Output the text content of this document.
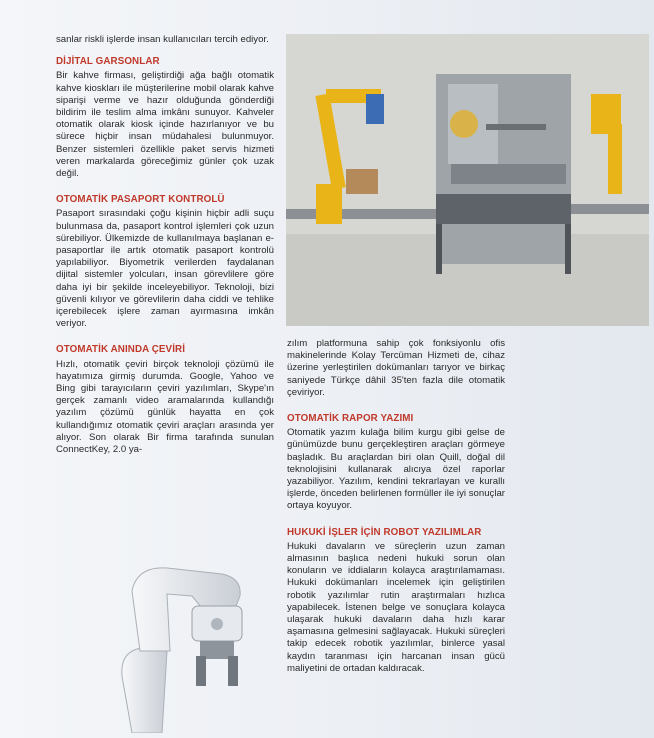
sanlar riskli işlerde insan kullanıcıları tercih ediyor.

DİJİTAL GARSONLAR

Bir kahve firması, geliştirdiği ağa bağlı otomatik kahve kioskları ile müşterilerine mobil olarak kahve siparişi verme ve hazır olduğunda gönderdiği bildirim ile teslim alma imkânı sunuyor. Kahveler otomatik olarak kiosk içinde hazırlanıyor ve bu sürece hiçbir insan müdahalesi bulunmuyor. Benzer sistemleri özellikle paket servis hizmeti veren markalarda göreceğimiz günler çok uzak değil.

OTOMATİK PASAPORT KONTROLÜ

Pasaport sırasındaki çoğu kişinin hiçbir adli suçu bulunmasa da, pasaport kontrol işlemleri çok uzun sürebiliyor. Ülkemizde de kullanılmaya başlanan e-pasaportlar ile artık otomatik pasaport kontrolü yapılabiliyor. Biyometrik verilerden faydalanan dijital sistemler yolcuları, insan görevlilere göre daha iyi bir şekilde inceleyebiliyor. Teknoloji, bizi güvenli kılıyor ve görevlilerin daha ciddi ve tehlike içerebilecek işlere zaman ayırmasına imkân veriyor.

OTOMATİK ANINDA ÇEVİRİ

Hızlı, otomatik çeviri birçok teknoloji çözümü ile hayatımıza girmiş durumda. Google, Yahoo ve Bing gibi tarayıcıların çeviri yazılımları, Skype'ın gerçek zamanlı video aramalarında kullandığı yazılım çözümü günlük hayatta en çok kullandığımız otomatik çeviri araçları arasında yer alıyor. Son olarak Bir firma tarafında sunulan ConnectKey, 2.0 ya-

zılım platformuna sahip çok fonksiyonlu ofis makinelerinde Kolay Tercüman Hizmeti de, cihaz üzerine yerleştirilen dokümanları tarıyor ve birkaç saniyede Türkçe dâhil 35'ten fazla dile otomatik çeviriyor.

OTOMATİK RAPOR YAZIMI

Otomatik yazım kulağa bilim kurgu gibi gelse de günümüzde bunu gerçekleştiren araçları görmeye başladık. Bu araçlardan biri olan Quill, doğal dil teknolojisini kullanarak alıcıya özel raporlar yazabiliyor. Yazılım, kendini tekrarlayan ve kurallı işlerde, önceden belirlenen formüller ile iyi sonuçlar ortaya koyuyor.

HUKUKİ İŞLER İÇİN ROBOT YAZILIMLAR

Hukuki davaların ve süreçlerin uzun zaman almasının başlıca nedeni hukuki sorun olan konuların ve iddiaların kolayca araştırılamaması. Hukuki dokümanları incelemek için geliştirilen robotik yazılımlar rutin araştırmaları hızlıca yapabilecek. İstenen belge ve sonuçlara kolayca ulaşarak hukuki davaların daha hızlı karar aşamasına gelmesini sağlayacak. Hukuki süreçleri takip edecek robotik yazılımlar, binlerce yasal kaydın taranması için harcanan insan gücü maliyetini de ortadan kaldıracak.
